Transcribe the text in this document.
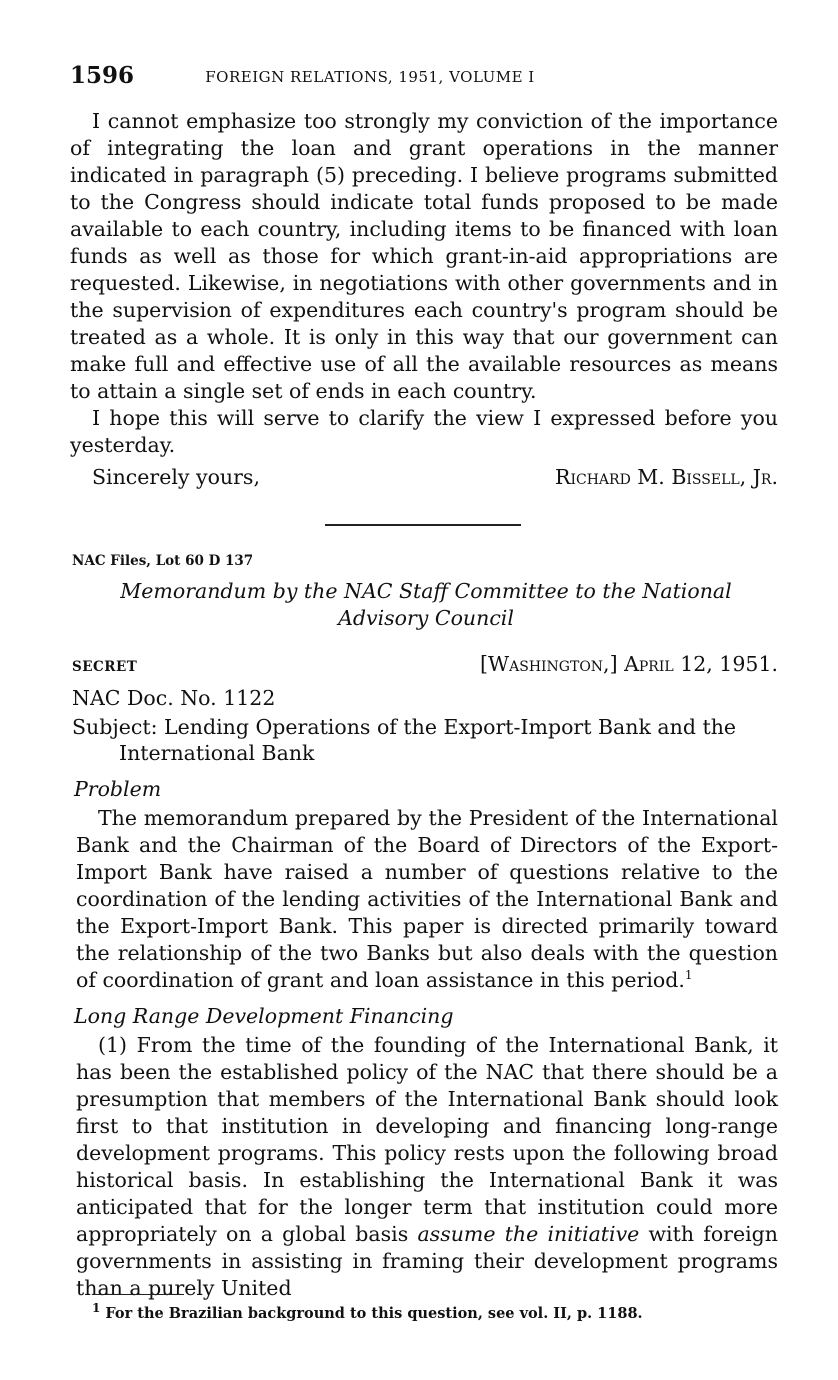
1596	FOREIGN RELATIONS, 1951, VOLUME I

I cannot emphasize too strongly my conviction of the importance of integrating the loan and grant operations in the manner indicated in paragraph (5) preceding. I believe programs submitted to the Congress should indicate total funds proposed to be made available to each country, including items to be financed with loan funds as well as those for which grant-in-aid appropriations are requested. Likewise, in negotiations with other governments and in the supervision of expenditures each country's program should be treated as a whole. It is only in this way that our government can make full and effective use of all the available resources as means to attain a single set of ends in each country.

I hope this will serve to clarify the view I expressed before you yesterday.

Sincerely yours,	Richard M. Bissell, Jr.
NAC Files, Lot 60 D 137
Memorandum by the NAC Staff Committee to the National Advisory Council
SECRET	[Washington,] April 12, 1951.
NAC Doc. No. 1122
Subject: Lending Operations of the Export-Import Bank and the
International Bank
Problem

The memorandum prepared by the President of the International Bank and the Chairman of the Board of Directors of the Export-Import Bank have raised a number of questions relative to the coordination of the lending activities of the International Bank and the Export-Import Bank. This paper is directed primarily toward the relationship of the two Banks but also deals with the question of coordination of grant and loan assistance in this period.$^1$

Long Range Development Financing

(1) From the time of the founding of the International Bank, it has been the established policy of the NAC that there should be a presumption that members of the International Bank should look first to that institution in developing and financing long-range development programs. This policy rests upon the following broad historical basis. In establishing the International Bank it was anticipated that for the longer term that institution could more appropriately on a global basis assume the initiative with foreign governments in assisting in framing their development programs than a purely United

$^1$ For the Brazilian background to this question, see vol. II, p. 1188.
